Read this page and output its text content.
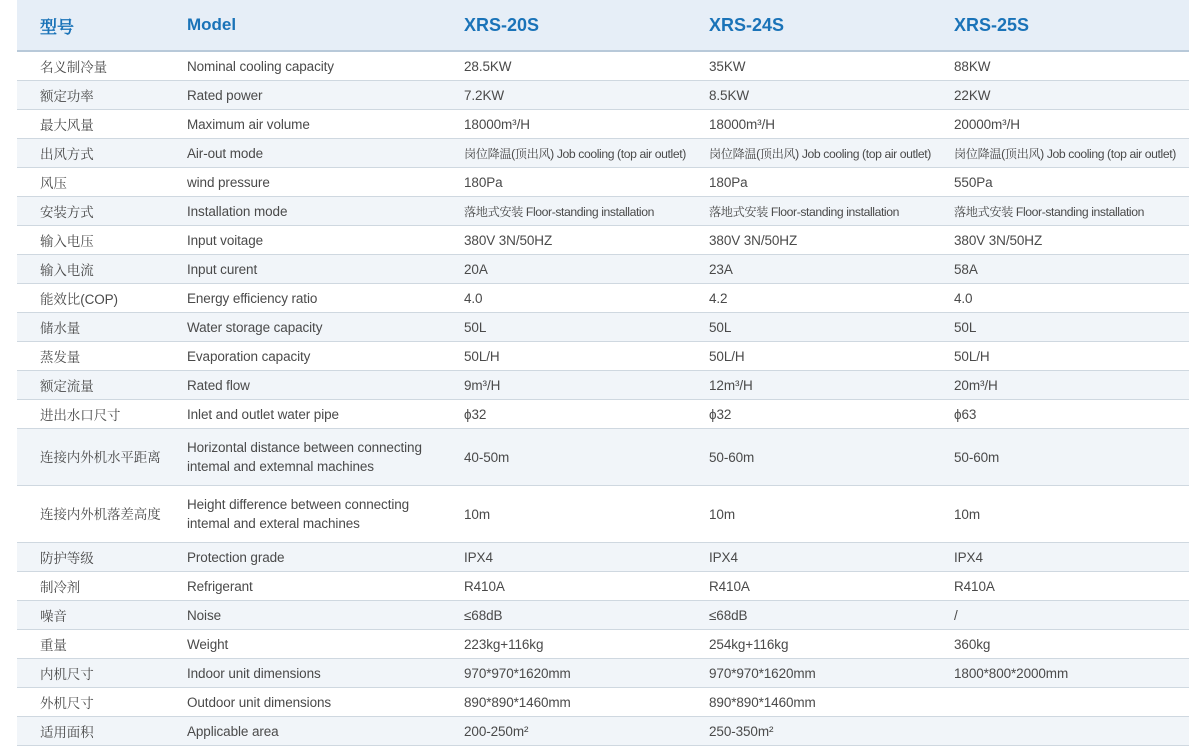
型号	Model	XRS-20S	XRS-24S	XRS-25S
名义制冷量	Nominal cooling capacity	28.5KW	35KW	88KW
额定功率	Rated power	7.2KW	8.5KW	22KW
最大风量	Maximum air volume	18000m³/H	18000m³/H	20000m³/H
出风方式	Air-out mode	岗位降温(顶出风) Job cooling (top air outlet)	岗位降温(顶出风) Job cooling (top air outlet)	岗位降温(顶出风) Job cooling (top air outlet)
风压	wind pressure	180Pa	180Pa	550Pa
安装方式	Installation mode	落地式安装 Floor-standing installation	落地式安装 Floor-standing installation	落地式安装 Floor-standing installation
输入电压	Input voitage	380V 3N/50HZ	380V 3N/50HZ	380V 3N/50HZ
输入电流	Input curent	20A	23A	58A
能效比(COP)	Energy efficiency ratio	4.0	4.2	4.0
储水量	Water storage capacity	50L	50L	50L
蒸发量	Evaporation capacity	50L/H	50L/H	50L/H
额定流量	Rated flow	9m³/H	12m³/H	20m³/H
进出水口尺寸	Inlet and outlet water pipe	ϕ32	ϕ32	ϕ63
连接内外机水平距离	Horizontal distance between connecting intemal and extemnal machines	40-50m	50-60m	50-60m
连接内外机落差高度	Height difference between connecting intemal and exteral machines	10m	10m	10m
防护等级	Protection grade	IPX4	IPX4	IPX4
制冷剂	Refrigerant	R410A	R410A	R410A
噪音	Noise	≤68dB	≤68dB	/
重量	Weight	223kg+116kg	254kg+116kg	360kg
内机尺寸	Indoor unit dimensions	970*970*1620mm	970*970*1620mm	1800*800*2000mm
外机尺寸	Outdoor unit dimensions	890*890*1460mm	890*890*1460mm	
适用面积	Applicable area	200-250m²	250-350m²	
